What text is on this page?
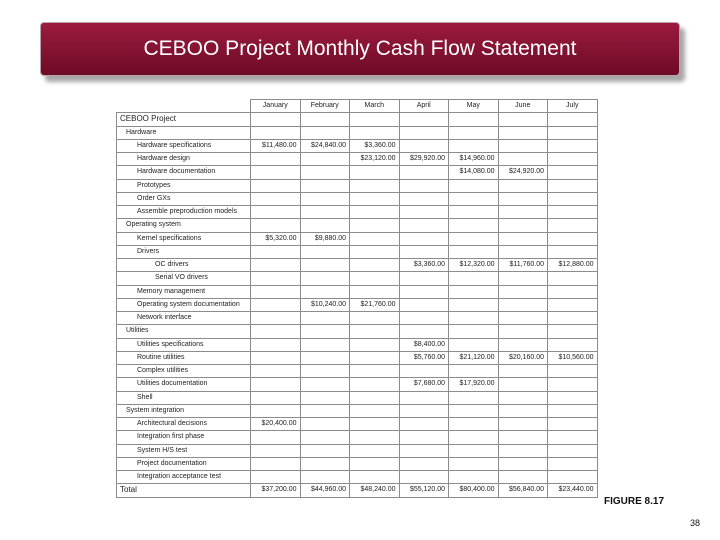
CEBOO Project Monthly Cash Flow Statement
	January	February	March	April	May	June	July
CEBOO Project							
Hardware							
Hardware specifications	$11,480.00	$24,840.00	$3,360.00				
Hardware design			$23,120.00	$29,920.00	$14,960.00		
Hardware documentation					$14,080.00	$24,920.00	
Prototypes							
Order GXs							
Assemble preproduction models							
Operating system							
Kernel specifications	$5,320.00	$9,880.00					
Drivers							
OC drivers				$3,360.00	$12,320.00	$11,760.00	$12,880.00
Serial VO drivers							
Memory management							
Operating system documentation		$10,240.00	$21,760.00				
Network interface							
Utilities							
Utilities specifications				$8,400.00			
Routine utilities				$5,760.00	$21,120.00	$20,160.00	$10,560.00
Complex utilities							
Utilities documentation				$7,680.00	$17,920.00		
Shell							
System integration							
Architectural decisions	$20,400.00						
Integration first phase							
System H/S test							
Project documentation							
Integration acceptance test							
Total	$37,200.00	$44,960.00	$48,240.00	$55,120.00	$80,400.00	$56,840.00	$23,440.00
FIGURE 8.17
38
